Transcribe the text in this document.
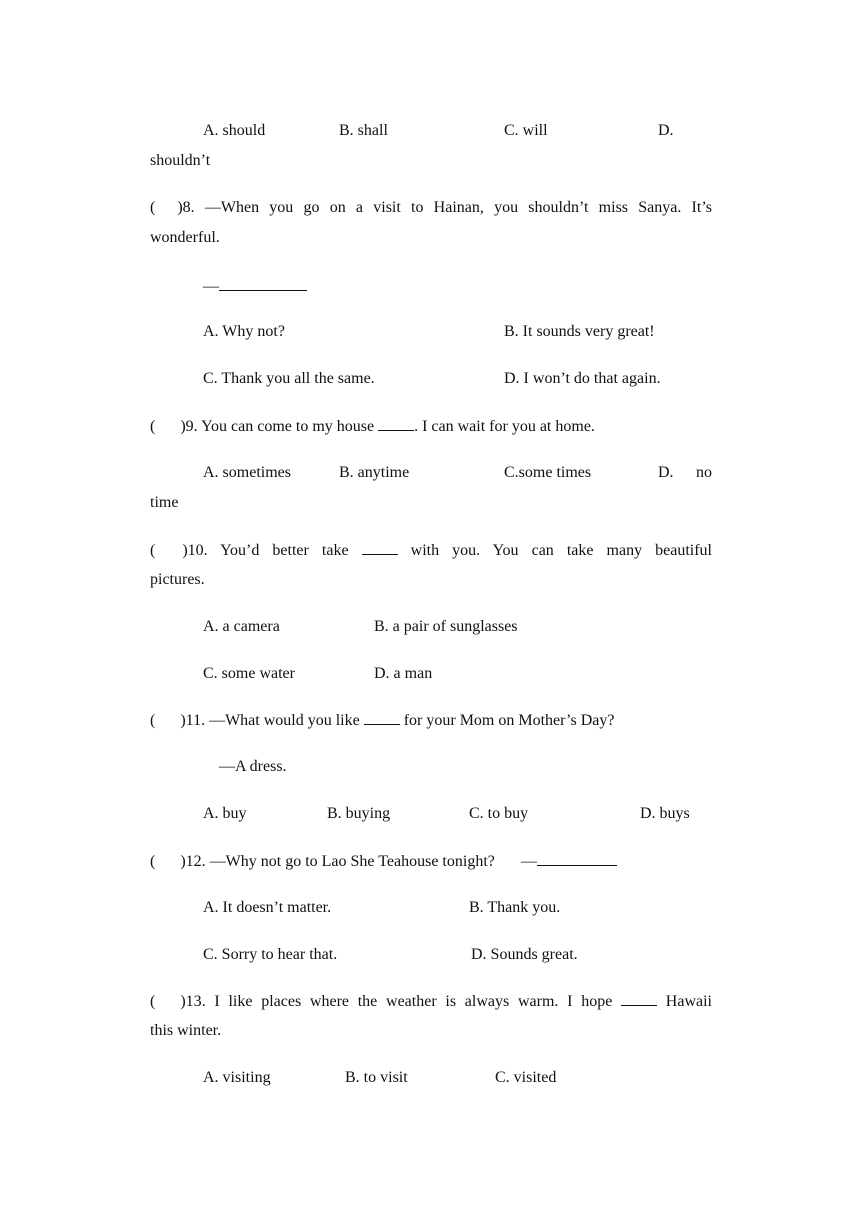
A. should	B. shall	C. will	D.
shouldn’t
( )8. —When you go on a visit to Hainan, you shouldn’t miss Sanya. It’s
wonderful.
—
A. Why not?	B. It sounds very great!
C. Thank you all the same.	D. I won’t do that again.
( )9. You can come to my house . I can wait for you at home.
A. sometimes	B. anytime	C.some times	D. no
time
( )10. You’d better take  with you. You can take many beautiful
pictures.
A. a camera	B. a pair of sunglasses
C. some water	D. a man
( )11. —What would you like  for your Mom on Mother’s Day?
—A dress.
A. buy	B. buying	C. to buy	D. buys
( )12. —Why not go to Lao She Teahouse tonight? —
A. It doesn’t matter.	B. Thank you.
C. Sorry to hear that.	D. Sounds great.
( )13. I like places where the weather is always warm. I hope  Hawaii
this winter.
A. visiting	B. to visit	C. visited
